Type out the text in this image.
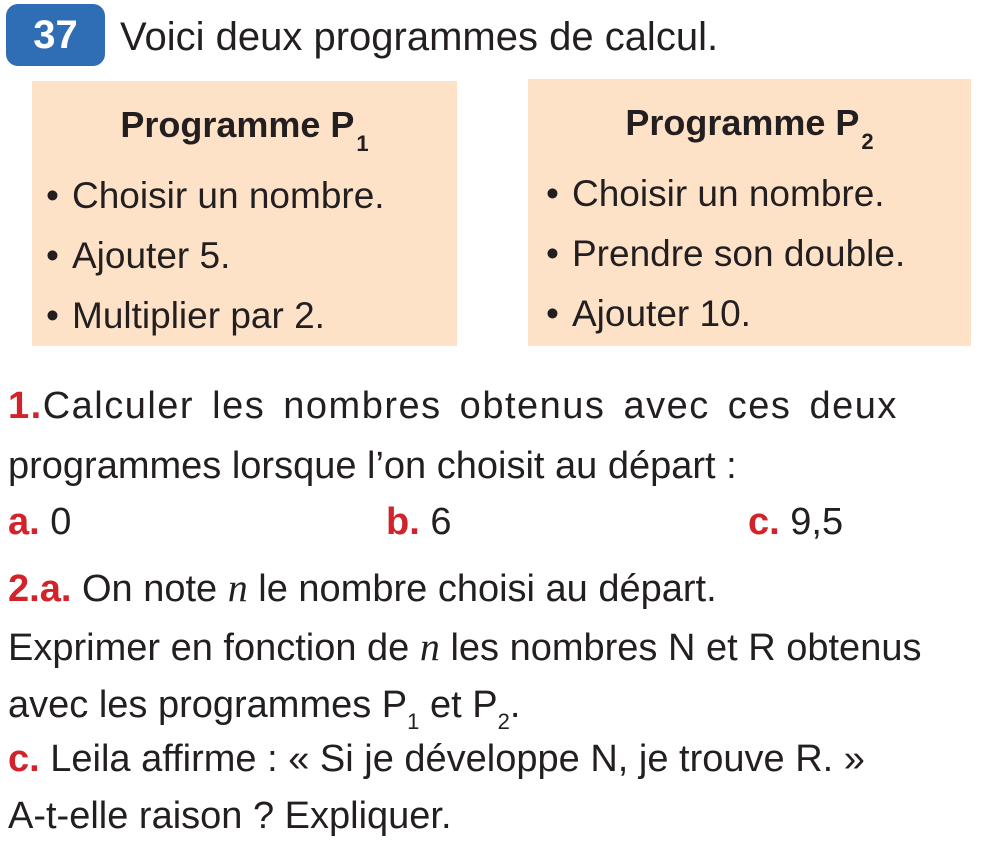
37	Voici deux programmes de calcul.
Programme $P_1$
• Choisir un nombre.
• Ajouter 5.
• Multiplier par 2.
Programme $P_2$
• Choisir un nombre.
• Prendre son double.
• Ajouter 10.
1.Calculer les nombres obtenus avec ces deux
programmes lorsque l’on choisit au départ :
a. 0	b. 6	c. 9,5
2.a. On note n le nombre choisi au départ.
Exprimer en fonction de n les nombres N et R obtenus
avec les programmes $P_1$ et $P_2$.
c. Leila affirme : « Si je développe N, je trouve R. »
A-t-elle raison ? Expliquer.
